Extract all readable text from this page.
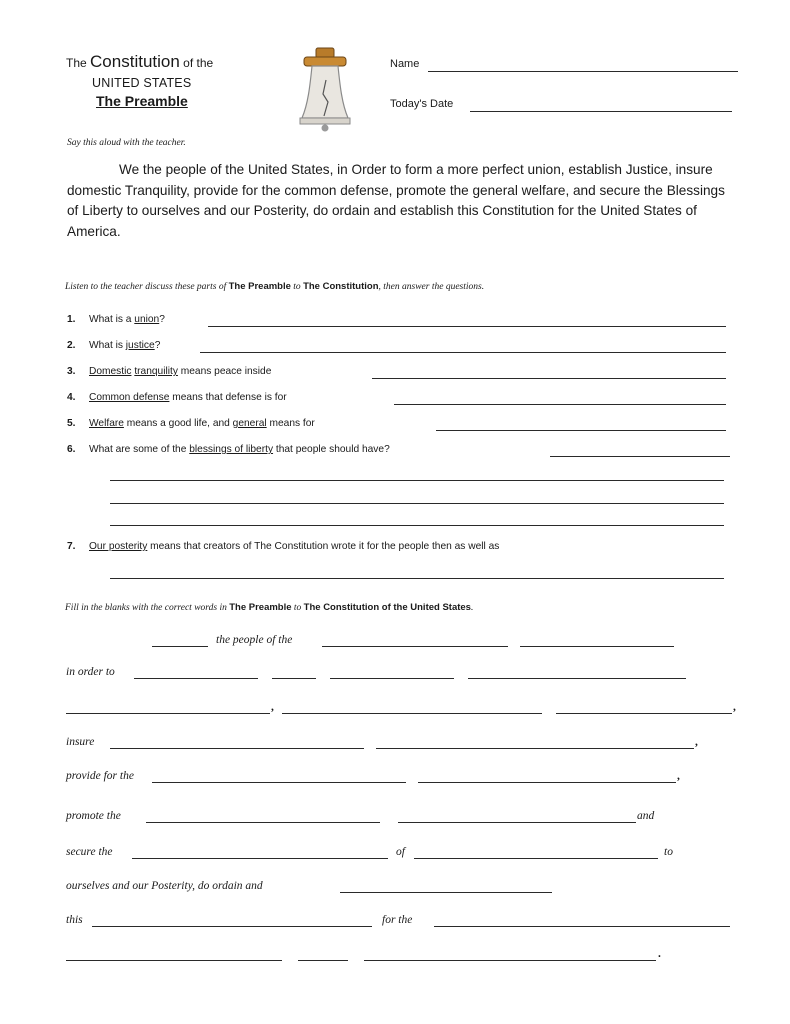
The Constitution of the
UNITED STATES
The Preamble
Name
Today's Date
Say this aloud with the teacher.

We the people of the United States, in Order to form a more perfect union, establish Justice, insure domestic Tranquility, provide for the common defense, promote the general welfare, and secure the Blessings of Liberty to ourselves and our Posterity, do ordain and establish this Constitution for the United States of America.

Listen to the teacher discuss these parts of The Preamble to The Constitution, then answer the questions.
1. What is a union?
2. What is justice?
3. Domestic tranquility means peace inside
4. Common defense means that defense is for
5. Welfare means a good life, and general means for
6. What are some of the blessings of liberty that people should have?
7. Our posterity means that creators of The Constitution wrote it for the people then as well as
Fill in the blanks with the correct words in The Preamble to The Constitution of the United States.
the people of the
in order to
,	,
insure	,
provide for the	,
promote the	and
secure the	of	to
ourselves and our Posterity, do ordain and
this	for the
.
